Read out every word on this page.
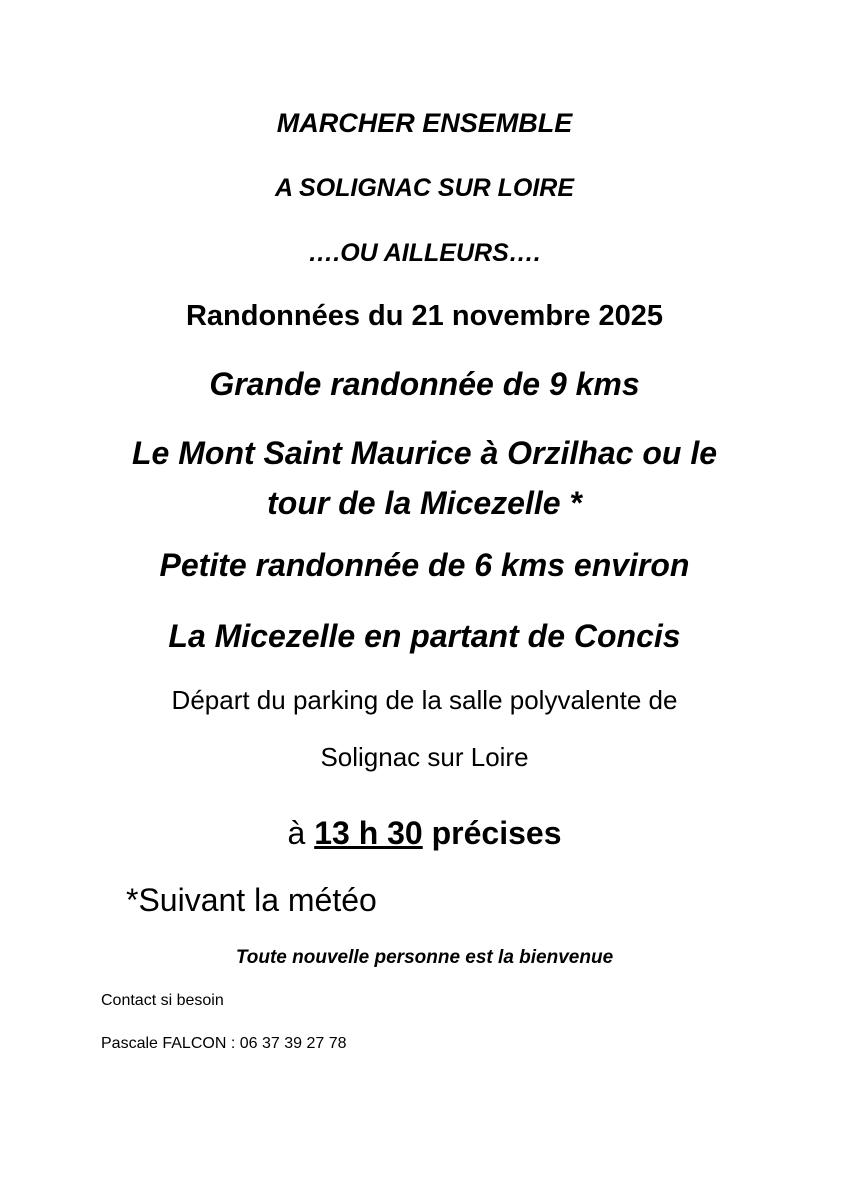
MARCHER ENSEMBLE
A SOLIGNAC SUR LOIRE
….OU AILLEURS….
Randonnées du 21 novembre 2025
Grande randonnée de 9 kms
Le Mont Saint Maurice à Orzilhac ou le
tour de la Micezelle *
Petite randonnée de 6 kms environ
La Micezelle en partant de Concis
Départ du parking de la salle polyvalente de
Solignac sur Loire
à 13 h 30 précises
*Suivant la météo
Toute nouvelle personne est la bienvenue
Contact si besoin
Pascale FALCON : 06 37 39 27 78
